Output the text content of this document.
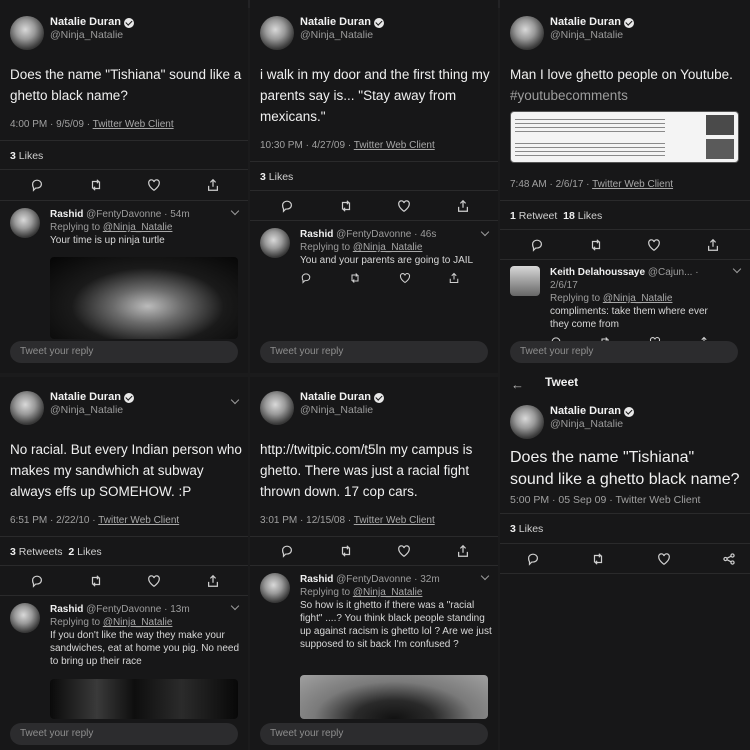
Natalie Duran
@Ninja_Natalie
Does the name "Tishiana" sound like a ghetto black name?
4:00 PM · 9/5/09 · Twitter Web Client
3 Likes
Rashid @FentyDavonne · 54m
Replying to @Ninja_Natalie
Your time is up ninja turtle
Tweet your reply
Natalie Duran
@Ninja_Natalie
i walk in my door and the first thing my parents say is... "Stay away from mexicans."
10:30 PM · 4/27/09 · Twitter Web Client
3 Likes
Rashid @FentyDavonne · 46s
Replying to @Ninja_Natalie
You and your parents are going to JAIL
Tweet your reply
Natalie Duran
@Ninja_Natalie
Man I love ghetto people on Youtube.
#youtubecomments
7:48 AM · 2/6/17 · Twitter Web Client
1 Retweet 18 Likes
Keith Delahoussaye @Cajun... · 2/6/17
Replying to @Ninja_Natalie
compliments: take them where ever they come from
Tweet your reply
Natalie Duran
@Ninja_Natalie
No racial. But every Indian person who makes my sandwhich at subway always effs up SOMEHOW. :P
6:51 PM · 2/22/10 · Twitter Web Client
3 Retweets 2 Likes
Rashid @FentyDavonne · 13m
Replying to @Ninja_Natalie
If you don't like the way they make your sandwiches, eat at home you pig. No need to bring up their race
Tweet your reply
Natalie Duran
@Ninja_Natalie
http://twitpic.com/t5ln my campus is ghetto. There was just a racial fight thrown down. 17 cop cars.
3:01 PM · 12/15/08 · Twitter Web Client
Rashid @FentyDavonne · 32m
Replying to @Ninja_Natalie
So how is it ghetto if there was a "racial fight" ....? You think black people standing up against racism is ghetto lol ? Are we just supposed to sit back I'm confused ?
Tweet your reply
← Tweet
Natalie Duran
@Ninja_Natalie
Does the name "Tishiana" sound like a ghetto black name?
5:00 PM · 05 Sep 09 · Twitter Web Client
3 Likes
